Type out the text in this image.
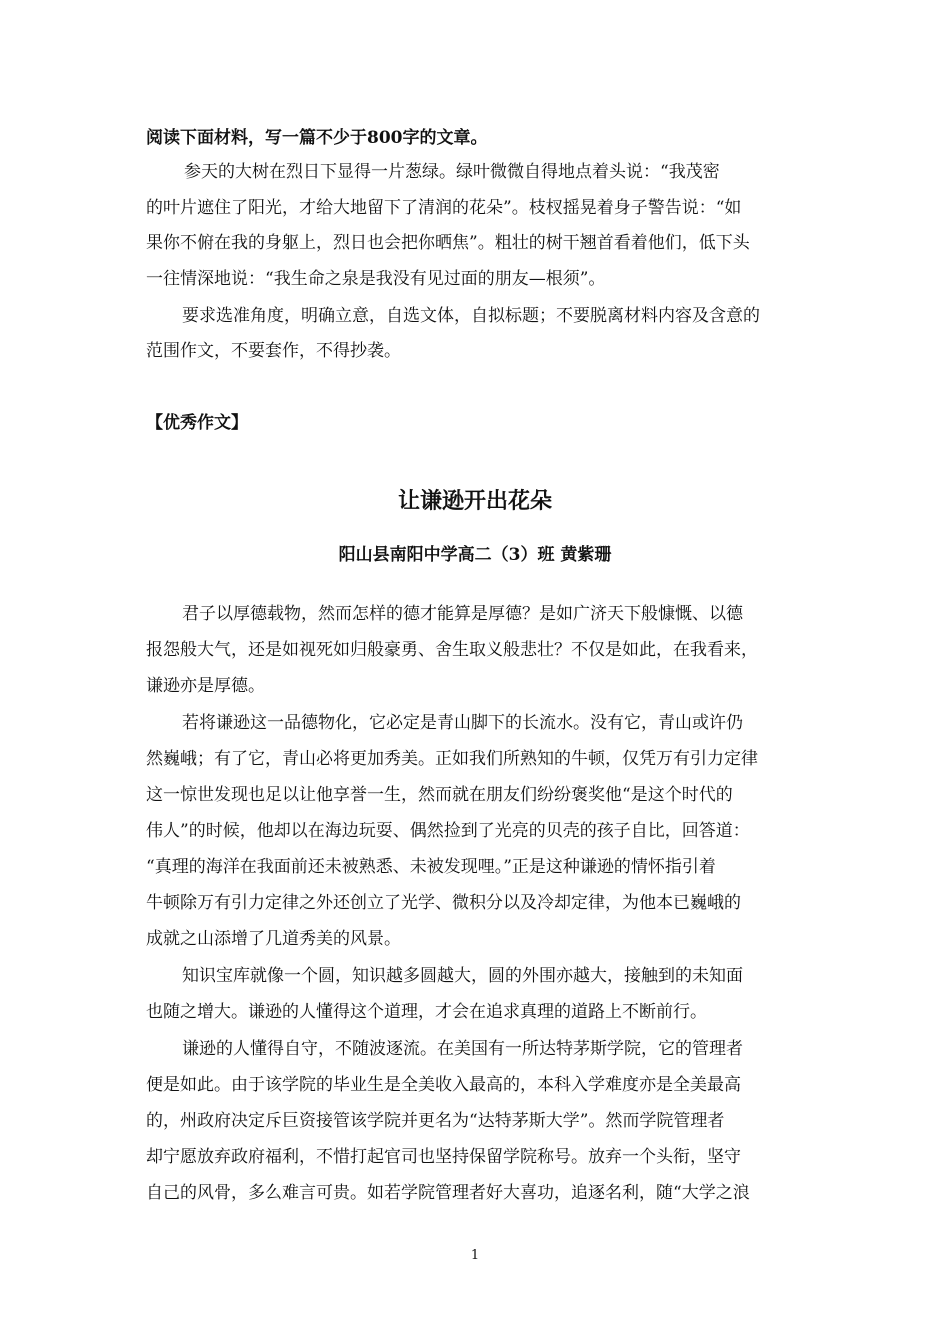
阅读下面材料，写一篇不少于800字的文章。
参天的大树在烈日下显得一片葱绿。绿叶微微自得地点着头说：“我茂密
的叶片遮住了阳光，才给大地留下了清润的花朵”。枝杈摇晃着身子警告说：“如
果你不俯在我的身躯上，烈日也会把你晒焦”。粗壮的树干翘首看着他们，低下头
一往情深地说：“我生命之泉是我没有见过面的朋友—根须”。
要求选准角度，明确立意，自选文体，自拟标题；不要脱离材料内容及含意的
范围作文，不要套作，不得抄袭。
【优秀作文】
让谦逊开出花朵
阳山县南阳中学高二（3）班 黄紫珊
君子以厚德载物，然而怎样的德才能算是厚德？是如广济天下般慷慨、以德
报怨般大气，还是如视死如归般豪勇、舍生取义般悲壮？不仅是如此，在我看来，
谦逊亦是厚德。
若将谦逊这一品德物化，它必定是青山脚下的长流水。没有它，青山或许仍
然巍峨；有了它，青山必将更加秀美。正如我们所熟知的牛顿，仅凭万有引力定律
这一惊世发现也足以让他享誉一生，然而就在朋友们纷纷褒奖他“是这个时代的
伟人”的时候，他却以在海边玩耍、偶然捡到了光亮的贝壳的孩子自比，回答道：
“真理的海洋在我面前还未被熟悉、未被发现哩。”正是这种谦逊的情怀指引着
牛顿除万有引力定律之外还创立了光学、微积分以及冷却定律，为他本已巍峨的
成就之山添增了几道秀美的风景。
知识宝库就像一个圆，知识越多圆越大，圆的外围亦越大，接触到的未知面
也随之增大。谦逊的人懂得这个道理，才会在追求真理的道路上不断前行。
谦逊的人懂得自守，不随波逐流。在美国有一所达特茅斯学院，它的管理者
便是如此。由于该学院的毕业生是全美收入最高的，本科入学难度亦是全美最高
的，州政府决定斥巨资接管该学院并更名为“达特茅斯大学”。然而学院管理者
却宁愿放弃政府福利，不惜打起官司也坚持保留学院称号。放弃一个头衔，坚守
自己的风骨，多么难言可贵。如若学院管理者好大喜功，追逐名利，随“大学之浪
1
